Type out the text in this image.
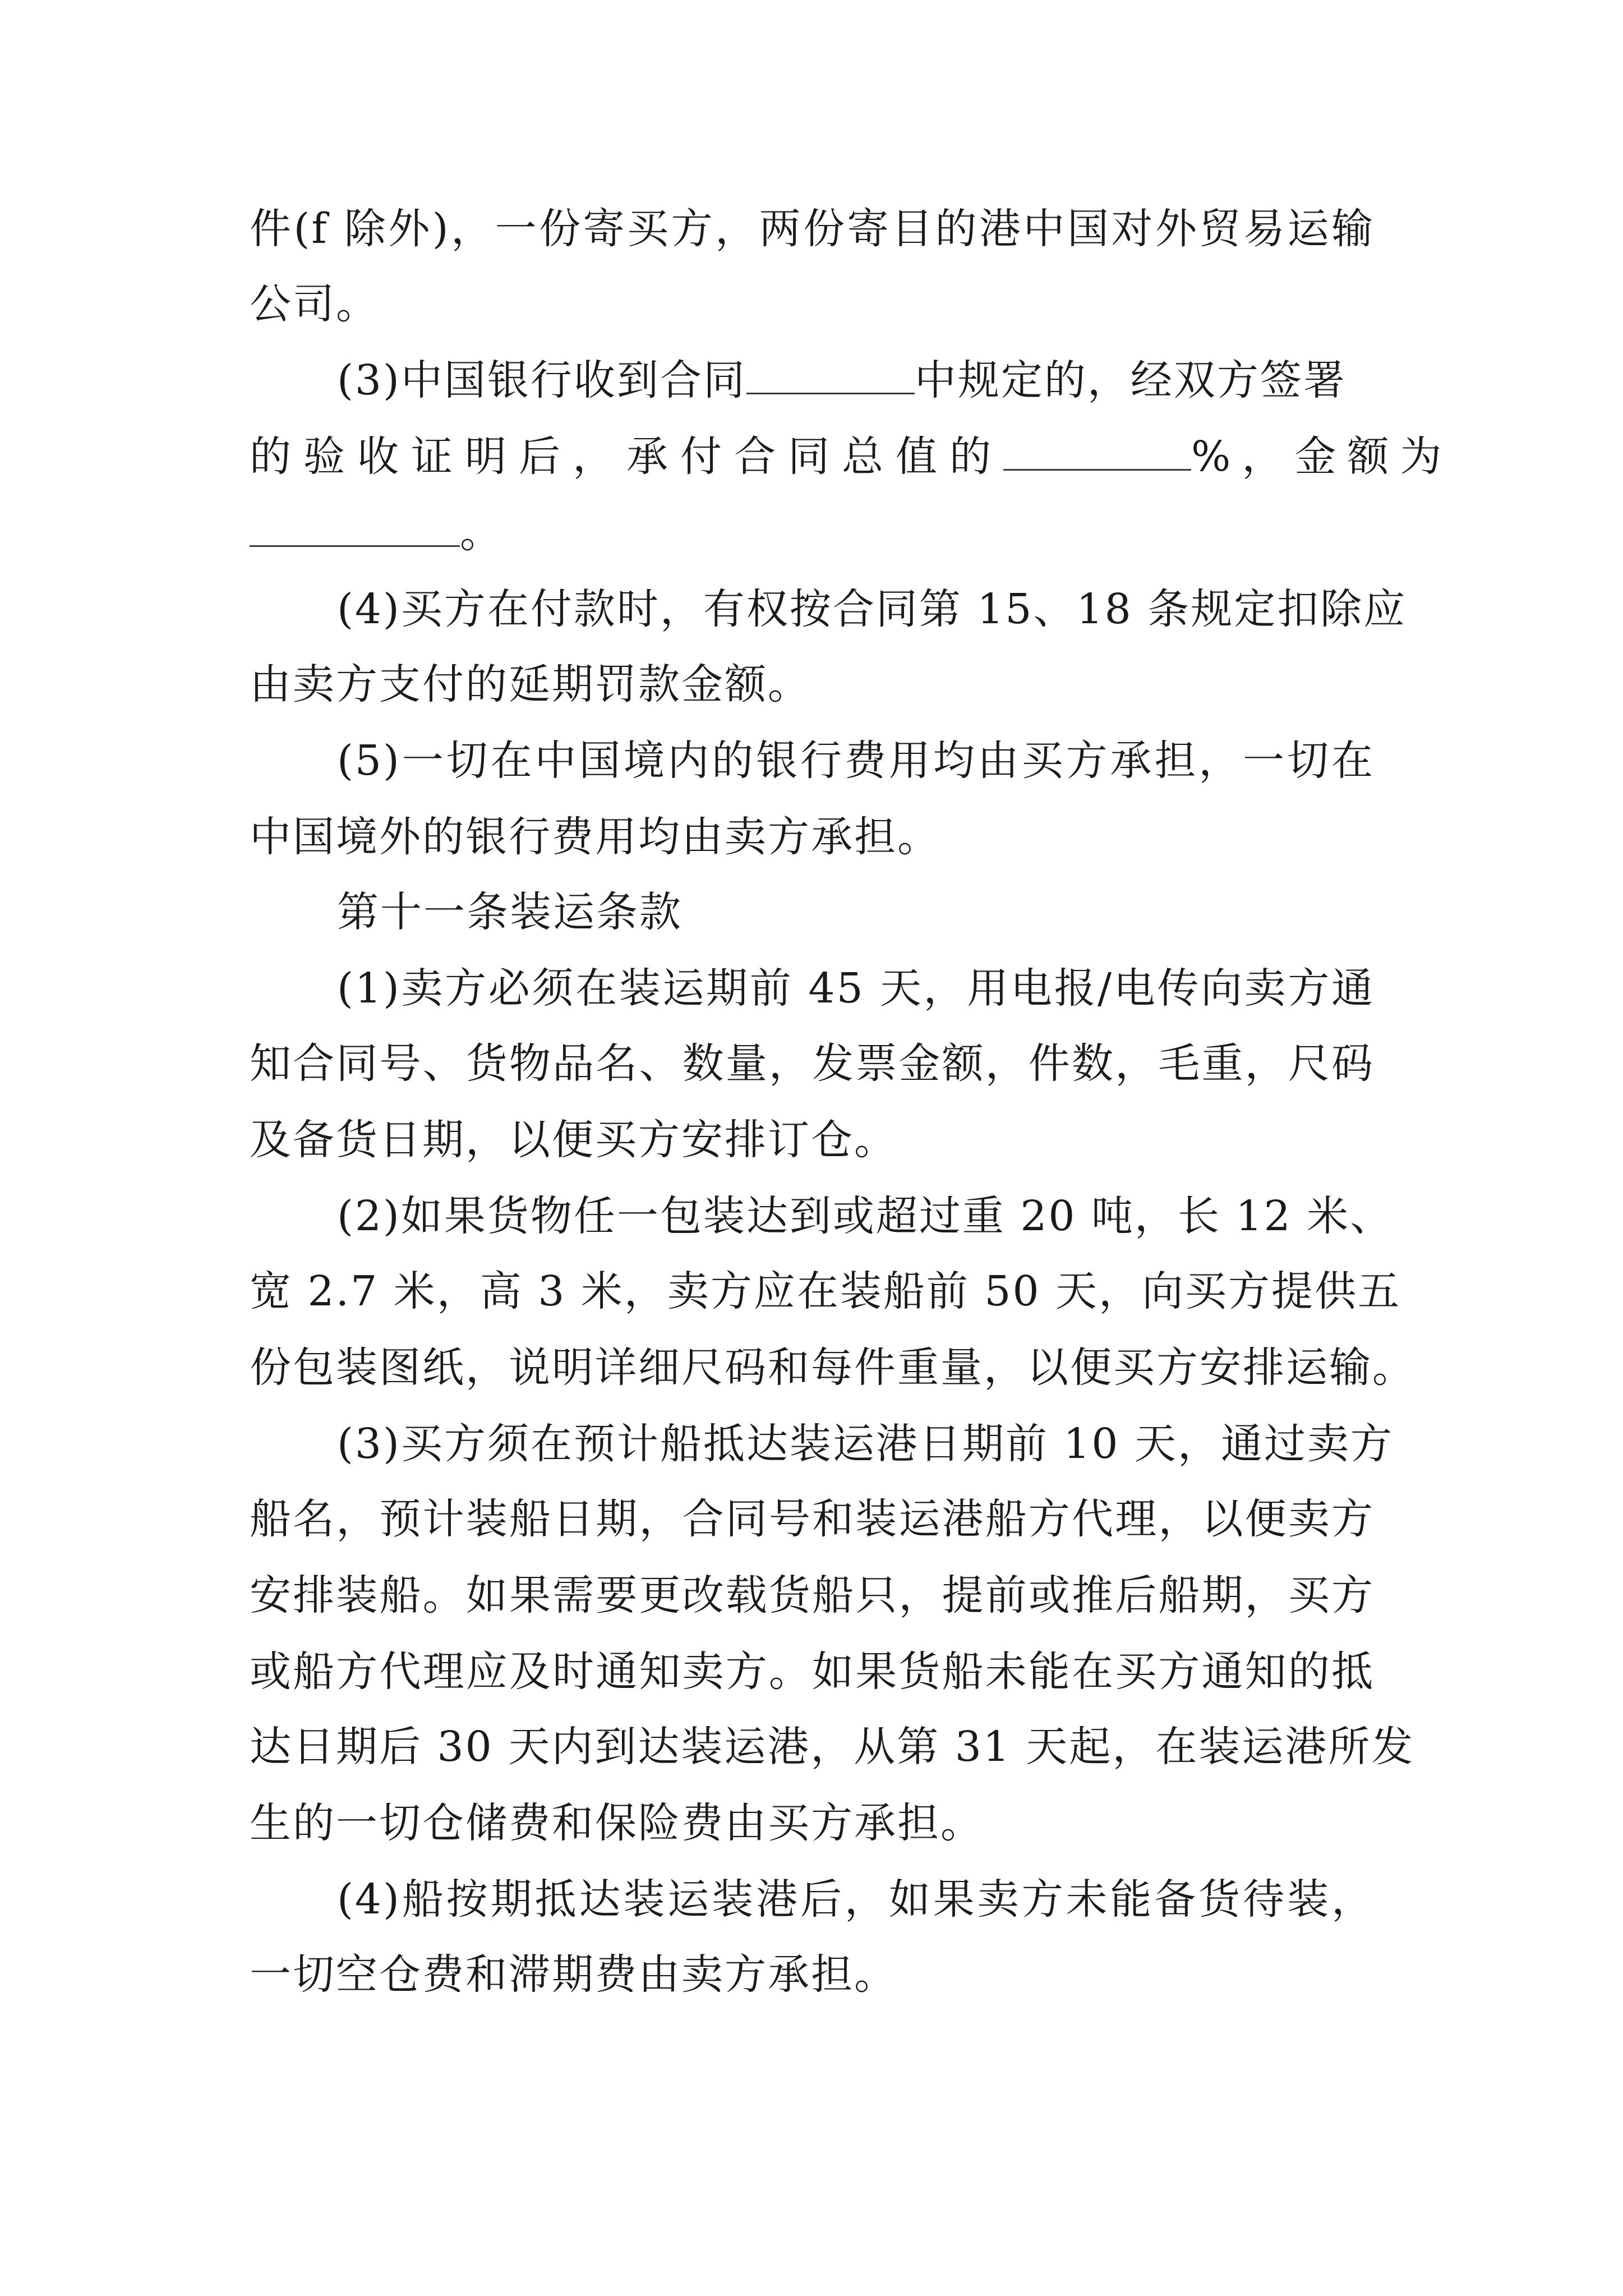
件(f 除外)，一份寄买方，两份寄目的港中国对外贸易运输
公司。
(3)中国银行收到合同	中规定的，经双方签署
的验收证明后，承付合同总值的	%，金额为
。
(4)买方在付款时，有权按合同第 15、18 条规定扣除应
由卖方支付的延期罚款金额。
(5)一切在中国境内的银行费用均由买方承担，一切在
中国境外的银行费用均由卖方承担。
第十一条装运条款
(1)卖方必须在装运期前 45 天，用电报/电传向卖方通
知合同号、货物品名、数量，发票金额，件数，毛重，尺码
及备货日期，以便买方安排订仓。
(2)如果货物任一包装达到或超过重 20 吨，长 12 米、
宽 2.7 米，高 3 米，卖方应在装船前 50 天，向买方提供五
份包装图纸，说明详细尺码和每件重量，以便买方安排运输。
(3)买方须在预计船抵达装运港日期前 10 天，通过卖方
船名，预计装船日期，合同号和装运港船方代理，以便卖方
安排装船。如果需要更改载货船只，提前或推后船期，买方
或船方代理应及时通知卖方。如果货船未能在买方通知的抵
达日期后 30 天内到达装运港，从第 31 天起，在装运港所发
生的一切仓储费和保险费由买方承担。
(4)船按期抵达装运装港后，如果卖方未能备货待装，
一切空仓费和滞期费由卖方承担。
